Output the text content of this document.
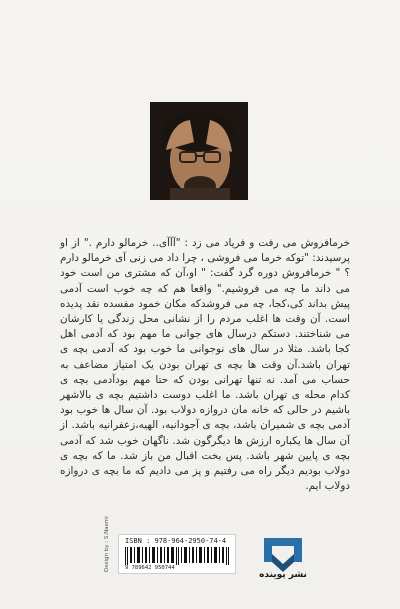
خرمافروش می رفت و فریاد می زد : "آآآی.. خرمالو دارم ." از او پرسیدند: "توکه خرما می فروشی ، چرا داد می زنی آی خرمالو دارم ؟ " خرمافروش دوره گرد گفت: " او،آن که مشتری من است خود می داند ما چه می فروشیم." واقعا هم که چه خوب است آدمی پیش بداند کی،کجا، چه می فروشدکه مکان خمود مفسده نقد پدیده است. آن وقت ها اغلب مردم را از نشانی محل زندگی یا کارشان می شناختند. دستکم درسال های جوانی ما مهم بود که آدمی اهل کجا باشد. مثلا در سال های نوجوانی ما خوب بود که آدمی بچه ی تهران باشد.آن وقت ها بچه ی تهران بودن یک امتیاز مضاعف به حساب می آمد. نه تنها تهرانی بودن که حتا مهم بودآدمی بچه ی کدام محله ی تهران باشد. ما اغلب دوست داشتیم بچه ی بالاشهر باشیم در حالی که خانه مان دروازه دولاب بود. آن سال ها خوب بود آدمی بچه ی شمیران باشد، بچه ی آجودانیه، الهیه،زعفرانیه باشد. از آن سال ها یکباره ارزش ها دیگرگون شد. ناگهان خوب شد که آدمی بچه ی پایین شهر باشد. پس بخت اقبال من باز شد. ما که بچه ی دولاب بودیم دیگر راه می رفتیم و پز می دادیم که ما بچه ی دروازه دولاب ایم.

ISBN : 978-964-2950-74-4
9 789642 950744
Design by : S.Naemi
نشر پوینده
